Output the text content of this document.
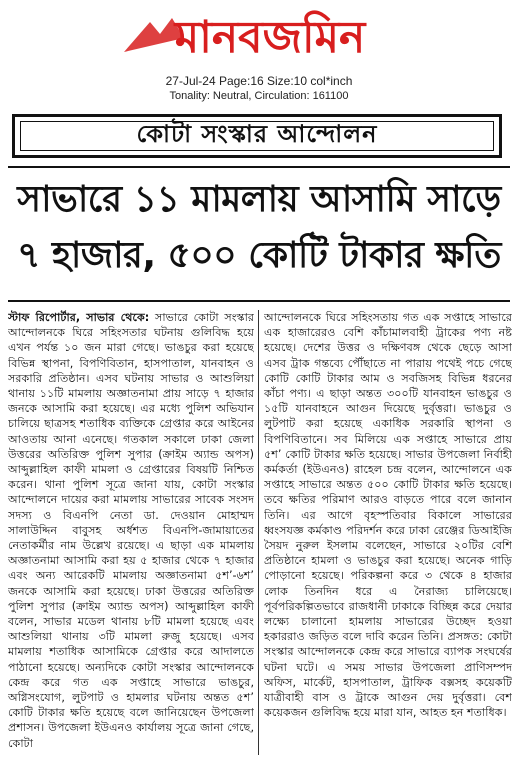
মানবজমিন
27-Jul-24 Page:16 Size:10 col*inch
Tonality: Neutral, Circulation: 161100
কোটা সংস্কার আন্দোলন
সাভারে ১১ মামলায় আসামি সাড়ে
৭ হাজার, ৫০০ কোটি টাকার ক্ষতি

স্টাফ রিপোর্টার, সাভার থেকে: সাভারে কোটা সংস্কার আন্দোলনকে ঘিরে সহিংসতার ঘটনায় গুলিবিদ্ধ হয়ে এখন পর্যন্ত ১০ জন মারা গেছে। ভাঙচুর করা হয়েছে বিভিন্ন স্থাপনা, বিপণিবিতান, হাসপাতাল, যানবাহন ও সরকারি প্রতিষ্ঠান। এসব ঘটনায় সাভার ও আশুলিয়া থানায় ১১টি মামলায় অজ্ঞাতনামা প্রায় সাড়ে ৭ হাজার জনকে আসামি করা হয়েছে। এর মধ্যে পুলিশ অভিযান চালিয়ে ছাত্রসহ শতাধিক ব্যক্তিকে গ্রেপ্তার করে আইনের আওতায় আনা এনেছে। গতকাল সকালে ঢাকা জেলা উত্তরের অতিরিক্ত পুলিশ সুপার (ক্রাইম অ্যান্ড অপস) আব্দুল্লাহিল কাফী মামলা ও গ্রেপ্তারের বিষয়টি নিশ্চিত করেন। থানা পুলিশ সূত্রে জানা যায়, কোটা সংস্কার আন্দোলনে দায়ের করা মামলায় সাভারের সাবেক সংসদ সদস্য ও বিএনপি নেতা ডা. দেওয়ান মোহাম্মদ সালাউদ্দিন বাবুসহ অর্ধশত বিএনপি-জামায়াতের নেতাকর্মীর নাম উল্লেখ রয়েছে। এ ছাড়া এক মামলায় অজ্ঞাতনামা আসামি করা হয় ৫ হাজার থেকে ৭ হাজার এবং অন্য আরেকটি মামলায় অজ্ঞাতনামা ৫শ’-৬শ’ জনকে আসামি করা হয়েছে। ঢাকা উত্তরের অতিরিক্ত পুলিশ সুপার (ক্রাইম অ্যান্ড অপস) আব্দুল্লাহিল কাফী বলেন, সাভার মডেল থানায় ৮টি মামলা হয়েছে এবং আশুলিয়া থানায় ৩টি মামলা রুজু হয়েছে। এসব মামলায় শতাধিক আসামিকে গ্রেপ্তার করে আদালতে পাঠানো হয়েছে। অন্যদিকে কোটা সংস্কার আন্দোলনকে কেন্দ্র করে গত এক সপ্তাহে সাভারে ভাঙচুর, অগ্নিসংযোগ, লুটপাট ও হামলার ঘটনায় অন্তত ৫শ’ কোটি টাকার ক্ষতি হয়েছে বলে জানিয়েছেন উপজেলা প্রশাসন। উপজেলা ইউএনও কার্যালয় সূত্রে জানা গেছে, কোটা

আন্দোলনকে ঘিরে সহিংসতায় গত এক সপ্তাহে সাভারে এক হাজারেরও বেশি কাঁচামালবাহী ট্রাকের পণ্য নষ্ট হয়েছে। দেশের উত্তর ও দক্ষিণবঙ্গ থেকে ছেড়ে আসা এসব ট্রাক গন্তব্যে পৌঁছাতে না পারায় পথেই পচে গেছে কোটি কোটি টাকার আম ও সবজিসহ বিভিন্ন ধরনের কাঁচা পণ্য। এ ছাড়া অন্তত ৩০০টি যানবাহন ভাঙচুর ও ১৫টি যানবাহনে আগুন দিয়েছে দুর্বৃত্তরা। ভাঙচুর ও লুটপাট করা হয়েছে একাধিক সরকারি স্থাপনা ও বিপণিবিতানে। সব মিলিয়ে এক সপ্তাহে সাভারে প্রায় ৫শ’ কোটি টাকার ক্ষতি হয়েছে। সাভার উপজেলা নির্বাহী কর্মকর্তা (ইউএনও) রাহেল চন্দ্র বলেন, আন্দোলনে এক সপ্তাহে সাভারে অন্তত ৫০০ কোটি টাকার ক্ষতি হয়েছে। তবে ক্ষতির পরিমাণ আরও বাড়তে পারে বলে জানান তিনি। এর আগে বৃহস্পতিবার বিকালে সাভারের ধ্বংসযজ্ঞ কর্মকাণ্ড পরিদর্শন করে ঢাকা রেঞ্জের ডিআইজি সৈয়দ নুরুল ইসলাম বলেছেন, সাভারে ২০টির বেশি প্রতিষ্ঠানে হামলা ও ভাঙচুর করা হয়েছে। অনেক গাড়ি পোড়ানো হয়েছে। পরিকল্পনা করে ৩ থেকে ৪ হাজার লোক তিনদিন ধরে এ নৈরাজ্য চালিয়েছে। পূর্বপরিকল্পিতভাবে রাজধানী ঢাকাকে বিচ্ছিন্ন করে দেয়ার লক্ষ্যে চালানো হামলায় সাভারের উচ্ছেদ হওয়া হকাররাও জড়িত বলে দাবি করেন তিনি। প্রসঙ্গত: কোটা সংস্কার আন্দোলনকে কেন্দ্র করে সাভারে ব্যাপক সংঘর্ষের ঘটনা ঘটে। এ সময় সাভার উপজেলা প্রাণিসম্পদ অফিস, মার্কেট, হাসপাতাল, ট্রাফিক বক্সসহ কয়েকটি যাত্রীবাহী বাস ও ট্রাকে আগুন দেয় দুর্বৃত্তরা। বেশ কয়েকজন গুলিবিদ্ধ হয়ে মারা যান, আহত হন শতাধিক।
